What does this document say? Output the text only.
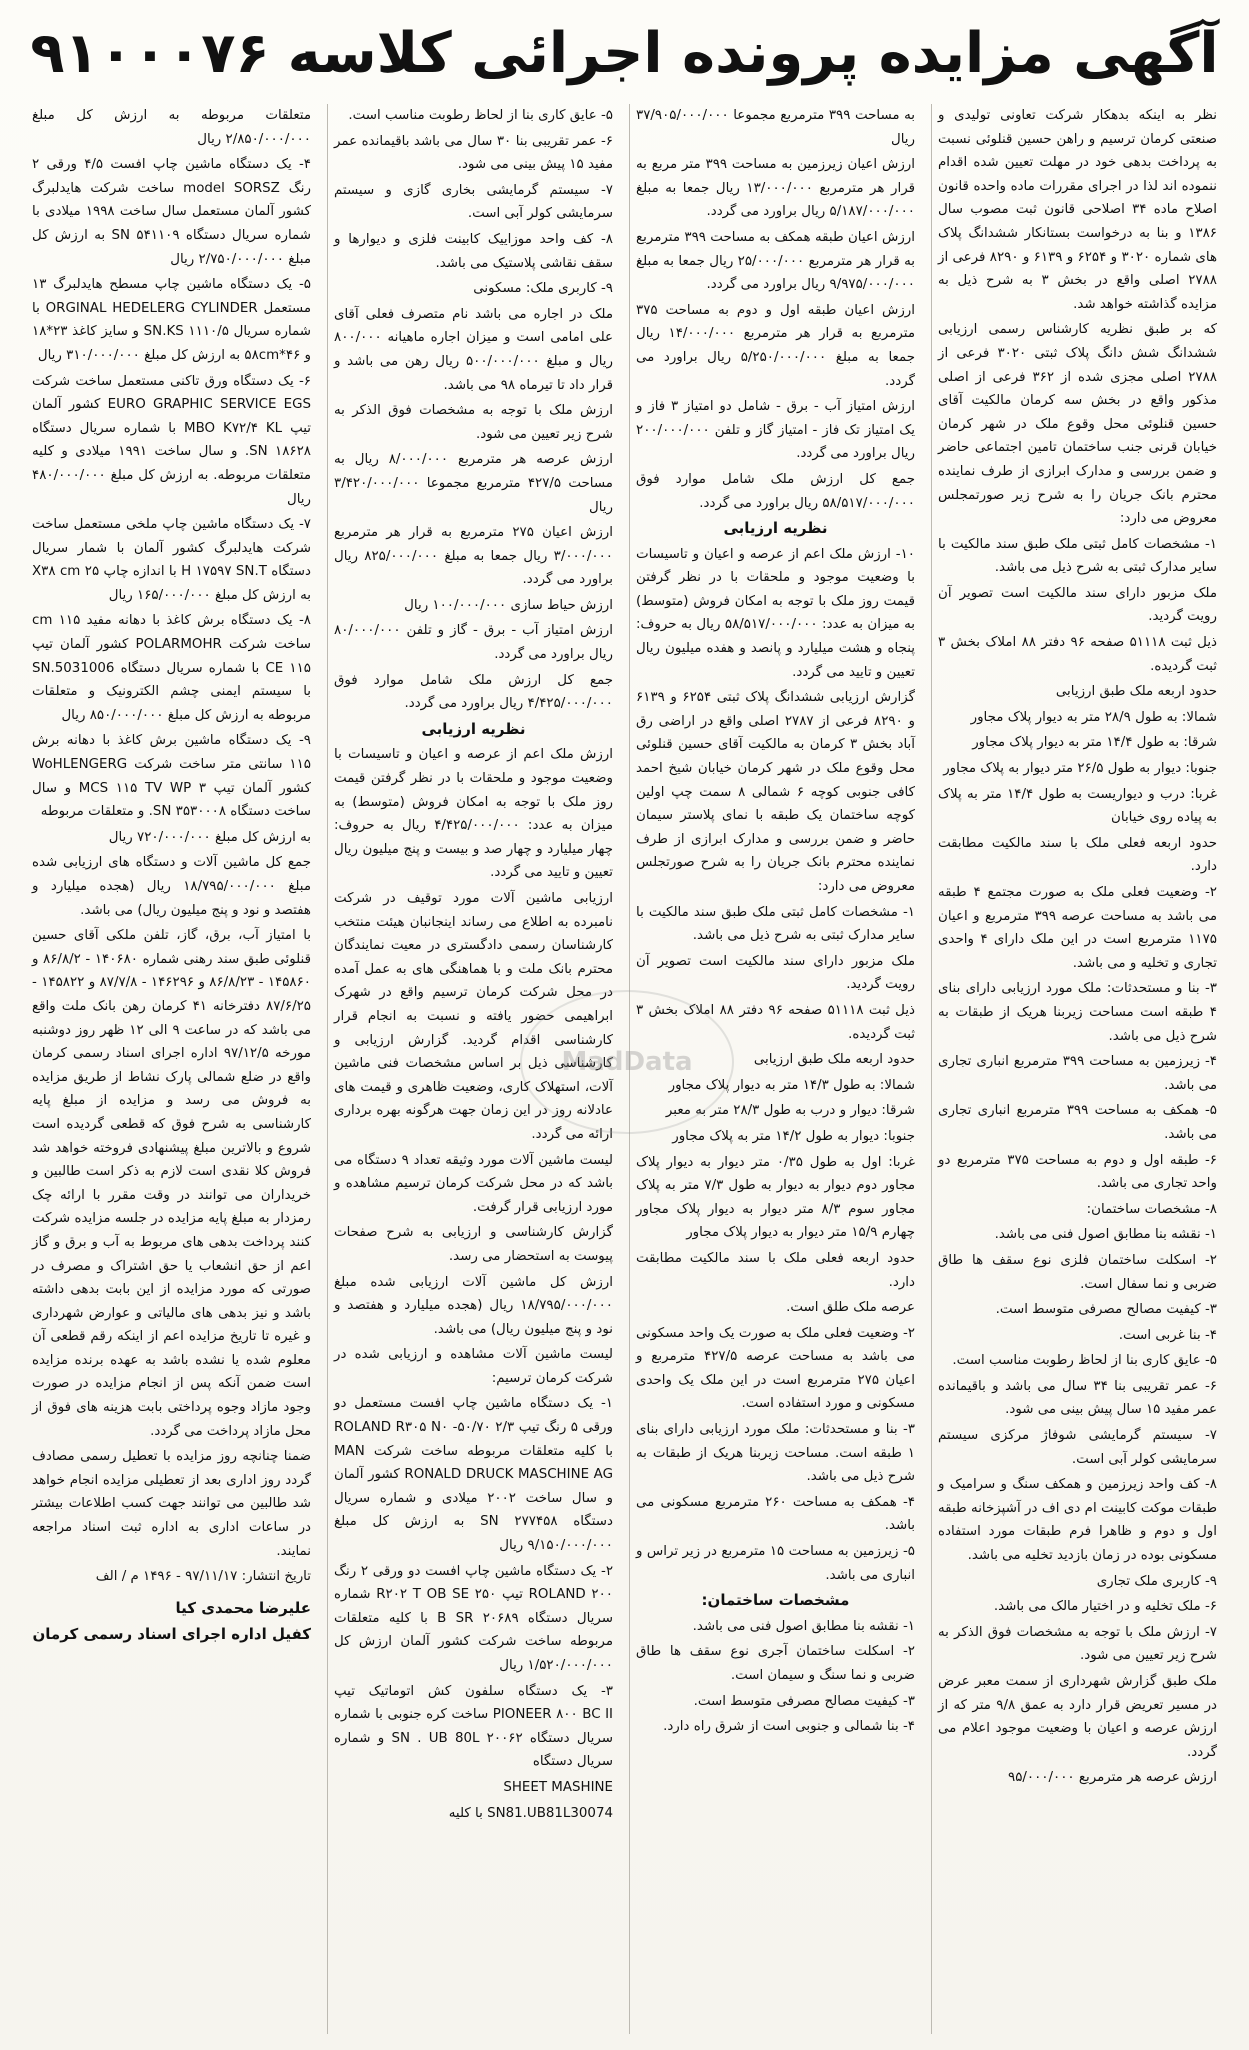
آگهی مزایده پرونده اجرائی کلاسه۹۱۰۰۰۷۶

نظر به اینکه بدهکار شرکت تعاونی تولیدی و صنعتی کرمان ترسیم و راهن حسین قنلوئی نسبت به پرداخت بدهی خود در مهلت تعیین شده اقدام ننموده اند لذا در اجرای مقررات ماده واحده قانون اصلاح ماده ۳۴ اصلاحی قانون ثبت مصوب سال ۱۳۸۶ و بنا به درخواست بستانکار ششدانگ پلاک های شماره ۳۰۲۰ و ۶۲۵۴ و ۶۱۳۹ و ۸۲۹۰ فرعی از ۲۷۸۸ اصلی واقع در بخش ۳ به شرح ذیل به مزایده گذاشته خواهد شد.

که بر طبق نظریه کارشناس رسمی ارزیابی ششدانگ شش دانگ پلاک ثبتی ۳۰۲۰ فرعی از ۲۷۸۸ اصلی مجزی شده از ۳۶۲ فرعی از اصلی مذکور واقع در بخش سه کرمان مالکیت آقای حسین قنلوئی محل وقوع ملک در شهر کرمان خیابان قرنی جنب ساختمان تامین اجتماعی حاضر و ضمن بررسی و مدارک ابرازی از طرف نماینده محترم بانک جریان را به شرح زیر صورتمجلس معروض می دارد:

۱- مشخصات کامل ثبتی ملک طبق سند مالکیت با سایر مدارک ثبتی به شرح ذیل می باشد.

ملک مزبور دارای سند مالکیت است تصویر آن رویت گردید.

ذیل ثبت ۵۱۱۱۸ صفحه ۹۶ دفتر ۸۸ املاک بخش ۳ ثبت گردیده.

حدود اربعه ملک طبق ارزیابی

شمالا: به طول ۲۸/۹ متر به دیوار پلاک مجاور

شرقا: به طول ۱۴/۴ متر به دیوار پلاک مجاور

جنوبا: دیوار به طول ۲۶/۵ متر دیوار به پلاک مجاور

غربا: درب و دیواریست به طول ۱۴/۴ متر به پلاک به پیاده روی خیابان

حدود اربعه فعلی ملک با سند مالکیت مطابقت دارد.

۲- وضعیت فعلی ملک به صورت مجتمع ۴ طبقه می باشد به مساحت عرصه ۳۹۹ مترمربع و اعیان ۱۱۷۵ مترمربع است در این ملک دارای ۴ واحدی تجاری و تخلیه و می باشد.

۳- بنا و مستحدثات: ملک مورد ارزیابی دارای بنای ۴ طبقه است مساحت زیربنا هریک از طبقات به شرح ذیل می باشد.

۴- زیرزمین به مساحت ۳۹۹ مترمربع انباری تجاری می باشد.

۵- همکف به مساحت ۳۹۹ مترمربع انباری تجاری می باشد.

۶- طبقه اول و دوم به مساحت ۳۷۵ مترمربع دو واحد تجاری می باشد.

۸- مشخصات ساختمان:

۱- نقشه بنا مطابق اصول فنی می باشد.

۲- اسکلت ساختمان فلزی نوع سقف ها طاق ضربی و نما سفال است.

۳- کیفیت مصالح مصرفی متوسط است.

۴- بنا غربی است.

۵- عایق کاری بنا از لحاظ رطوبت مناسب است.

۶- عمر تقریبی بنا ۳۴ سال می باشد و باقیمانده عمر مفید ۱۵ سال پیش بینی می شود.

۷- سیستم گرمایشی شوفاژ مرکزی سیستم سرمایشی کولر آبی است.

۸- کف واحد زیرزمین و همکف سنگ و سرامیک و طبقات موکت کابینت ام دی اف در آشپزخانه طبقه اول و دوم و ظاهرا فرم طبقات مورد استفاده مسکونی بوده در زمان بازدید تخلیه می باشد.

۹- کاربری ملک تجاری

۶- ملک تخلیه و در اختیار مالک می باشد.

۷- ارزش ملک با توجه به مشخصات فوق الذکر به شرح زیر تعیین می شود.

ملک طبق گزارش شهرداری از سمت معبر عرض در مسیر تعریض قرار دارد به عمق ۹/۸ متر که از ارزش عرصه و اعیان با وضعیت موجود اعلام می گردد.

ارزش عرصه هر مترمربع ۹۵/۰۰۰/۰۰۰

به مساحت ۳۹۹ مترمربع مجموعا ۳۷/۹۰۵/۰۰۰/۰۰۰ ریال

ارزش اعیان زیرزمین به مساحت ۳۹۹ متر مربع به قرار هر مترمربع ۱۳/۰۰۰/۰۰۰ ریال جمعا به مبلغ ۵/۱۸۷/۰۰۰/۰۰۰ ریال براورد می گردد.

ارزش اعیان طبقه همکف به مساحت ۳۹۹ مترمربع به قرار هر مترمربع ۲۵/۰۰۰/۰۰۰ ریال جمعا به مبلغ ۹/۹۷۵/۰۰۰/۰۰۰ ریال براورد می گردد.

ارزش اعیان طبقه اول و دوم به مساحت ۳۷۵ مترمربع به قرار هر مترمربع ۱۴/۰۰۰/۰۰۰ ریال جمعا به مبلغ ۵/۲۵۰/۰۰۰/۰۰۰ ریال براورد می گردد.

ارزش امتیاز آب - برق - شامل دو امتیاز ۳ فاز و یک امتیاز تک فاز - امتیاز گاز و تلفن ۲۰۰/۰۰۰/۰۰۰ ریال براورد می گردد.

جمع کل ارزش ملک شامل موارد فوق ۵۸/۵۱۷/۰۰۰/۰۰۰ ریال براورد می گردد.

نظریه ارزیابی

۱۰- ارزش ملک اعم از عرصه و اعیان و تاسیسات با وضعیت موجود و ملحقات با در نظر گرفتن قیمت روز ملک با توجه به امکان فروش (متوسط) به میزان به عدد: ۵۸/۵۱۷/۰۰۰/۰۰۰ ریال به حروف: پنجاه و هشت میلیارد و پانصد و هفده میلیون ریال تعیین و تایید می گردد.

گزارش ارزیابی ششدانگ پلاک ثبتی ۶۲۵۴ و ۶۱۳۹ و ۸۲۹۰ فرعی از ۲۷۸۷ اصلی واقع در اراضی رق آباد بخش ۳ کرمان به مالکیت آقای حسین قنلوئی محل وقوع ملک در شهر کرمان خیابان شیخ احمد کافی جنوبی کوچه ۶ شمالی ۸ سمت چپ اولین کوچه ساختمان یک طبقه با نمای پلاستر سیمان حاضر و ضمن بررسی و مدارک ابرازی از طرف نماینده محترم بانک جریان را به شرح صورتجلس معروض می دارد:

۱- مشخصات کامل ثبتی ملک طبق سند مالکیت با سایر مدارک ثبتی به شرح ذیل می باشد.

ملک مزبور دارای سند مالکیت است تصویر آن رویت گردید.

ذیل ثبت ۵۱۱۱۸ صفحه ۹۶ دفتر ۸۸ املاک بخش ۳ ثبت گردیده.

حدود اربعه ملک طبق ارزیابی

شمالا: به طول ۱۴/۳ متر به دیوار پلاک مجاور

شرقا: دیوار و درب به طول ۲۸/۳ متر به معبر

جنوبا: دیوار به طول ۱۴/۲ متر به پلاک مجاور

غربا: اول به طول ۰/۳۵ متر دیوار به دیوار پلاک مجاور دوم دیوار به دیوار به طول ۷/۳ متر به پلاک مجاور سوم ۸/۳ متر دیوار به دیوار پلاک مجاور چهارم ۱۵/۹ متر دیوار به دیوار پلاک مجاور

حدود اربعه فعلی ملک با سند مالکیت مطابقت دارد.

عرصه ملک طلق است.

۲- وضعیت فعلی ملک به صورت یک واحد مسکونی می باشد به مساحت عرصه ۴۲۷/۵ مترمربع و اعیان ۲۷۵ مترمربع است در این ملک یک واحدی مسکونی و مورد استفاده است.

۳- بنا و مستحدثات: ملک مورد ارزیابی دارای بنای ۱ طبقه است. مساحت زیربنا هریک از طبقات به شرح ذیل می باشد.

۴- همکف به مساحت ۲۶۰ مترمربع مسکونی می باشد.

۵- زیرزمین به مساحت ۱۵ مترمربع در زیر تراس و انباری می باشد.

مشخصات ساختمان:

۱- نقشه بنا مطابق اصول فنی می باشد.

۲- اسکلت ساختمان آجری نوع سقف ها طاق ضربی و نما سنگ و سیمان است.

۳- کیفیت مصالح مصرفی متوسط است.

۴- بنا شمالی و جنوبی است از شرق راه دارد.

۵- عایق کاری بنا از لحاظ رطوبت مناسب است.

۶- عمر تقریبی بنا ۳۰ سال می باشد باقیمانده عمر مفید ۱۵ پیش بینی می شود.

۷- سیستم گرمایشی بخاری گازی و سیستم سرمایشی کولر آبی است.

۸- کف واحد موزاییک کابینت فلزی و دیوارها و سقف نقاشی پلاستیک می باشد.

۹- کاربری ملک: مسکونی

ملک در اجاره می باشد نام متصرف فعلی آقای علی امامی است و میزان اجاره ماهیانه ۸۰۰/۰۰۰ ریال و مبلغ ۵۰۰/۰۰۰/۰۰۰ ریال رهن می باشد و قرار داد تا تیرماه ۹۸ می باشد.

ارزش ملک با توجه به مشخصات فوق الذکر به شرح زیر تعیین می شود.

ارزش عرصه هر مترمربع ۸/۰۰۰/۰۰۰ ریال به مساحت ۴۲۷/۵ مترمربع مجموعا ۳/۴۲۰/۰۰۰/۰۰۰ ریال

ارزش اعیان ۲۷۵ مترمربع به قرار هر مترمربع ۳/۰۰۰/۰۰۰ ریال جمعا به مبلغ ۸۲۵/۰۰۰/۰۰۰ ریال براورد می گردد.

ارزش حیاط سازی ۱۰۰/۰۰۰/۰۰۰ ریال

ارزش امتیاز آب - برق - گاز و تلفن ۸۰/۰۰۰/۰۰۰ ریال براورد می گردد.

جمع کل ارزش ملک شامل موارد فوق ۴/۴۲۵/۰۰۰/۰۰۰ ریال براورد می گردد.

نظریه ارزیابی

ارزش ملک اعم از عرصه و اعیان و تاسیسات با وضعیت موجود و ملحقات با در نظر گرفتن قیمت روز ملک با توجه به امکان فروش (متوسط) به میزان به عدد: ۴/۴۲۵/۰۰۰/۰۰۰ ریال به حروف: چهار میلیارد و چهار صد و بیست و پنج میلیون ریال تعیین و تایید می گردد.

ارزیابی ماشین آلات مورد توقیف در شرکت نامبرده به اطلاع می رساند اینجانبان هیئت منتخب کارشناسان رسمی دادگستری در معیت نمایندگان محترم بانک ملت و با هماهنگی های به عمل آمده در محل شرکت کرمان ترسیم واقع در شهرک ابراهیمی حضور یافته و نسبت به انجام قرار کارشناسی اقدام گردید. گزارش ارزیابی و کارشناسی ذیل بر اساس مشخصات فنی ماشین آلات، استهلاک کاری، وضعیت ظاهری و قیمت های عادلانه روز در این زمان جهت هرگونه بهره برداری ارائه می گردد.

لیست ماشین آلات مورد وثیقه تعداد ۹ دستگاه می باشد که در محل شرکت کرمان ترسیم مشاهده و مورد ارزیابی قرار گرفت.

گزارش کارشناسی و ارزیابی به شرح صفحات پیوست به استحضار می رسد.

ارزش کل ماشین آلات ارزیابی شده مبلغ ۱۸/۷۹۵/۰۰۰/۰۰۰ ریال (هجده میلیارد و هفتصد و نود و پنج میلیون ریال) می باشد.

لیست ماشین آلات مشاهده و ارزیابی شده در شرکت کرمان ترسیم:

۱- یک دستگاه ماشین چاپ افست مستعمل دو ورقی ۵ رنگ تیپ ۲/۳ ROLAND R۳۰۵ N۰ -۵۰/۷۰ با کلیه متعلقات مربوطه ساخت شرکت MAN RONALD DRUCK MASCHINE AG کشور آلمان و سال ساخت ۲۰۰۲ میلادی و شماره سریال دستگاه ۲۷۷۴۵۸ SN به ارزش کل مبلغ ۹/۱۵۰/۰۰۰/۰۰۰ ریال

۲- یک دستگاه ماشین چاپ افست دو ورقی ۲ رنگ ۲۰۰ ROLAND تیپ R۲۰۲ T OB SE ۲۵۰ شماره سریال دستگاه ۲۰۶۸۹ B SR با کلیه متعلقات مربوطه ساخت شرکت کشور آلمان ارزش کل ۱/۵۲۰/۰۰۰/۰۰۰ ریال

۳- یک دستگاه سلفون کش اتوماتیک تیپ PIONEER ۸۰۰ BC II ساخت کره جنوبی با شماره سریال دستگاه SN . UB 80L ۲۰۰۶۲ و شماره سریال دستگاه

SHEET MASHINE

SN81.UB81L30074 با کلیه

متعلقات مربوطه به ارزش کل مبلغ ۲/۸۵۰/۰۰۰/۰۰۰ ریال

۴- یک دستگاه ماشین چاپ افست ۴/۵ ورقی ۲ رنگ model SORSZ ساخت شرکت هایدلبرگ کشور آلمان مستعمل سال ساخت ۱۹۹۸ میلادی با شماره سریال دستگاه ۵۴۱۱۰۹ SN به ارزش کل مبلغ ۲/۷۵۰/۰۰۰/۰۰۰ ریال

۵- یک دستگاه ماشین چاپ مسطح هایدلبرگ ۱۳ مستعمل ORGINAL HEDELERG CYLINDER با شماره سریال SN.KS ۱۱۱۰/۵ و سایز کاغذ ۲۳*۱۸ و ۴۶*۵۸cm به ارزش کل مبلغ ۳۱۰/۰۰۰/۰۰۰ ریال

۶- یک دستگاه ورق تاکنی مستعمل ساخت شرکت EURO GRAPHIC SERVICE EGS کشور آلمان تیپ MBO K۷۲/۴ KL با شماره سریال دستگاه ۱۸۶۲۸ SN. و سال ساخت ۱۹۹۱ میلادی و کلیه متعلقات مربوطه. به ارزش کل مبلغ ۴۸۰/۰۰۰/۰۰۰ ریال

۷- یک دستگاه ماشین چاپ ملخی مستعمل ساخت شرکت هایدلبرگ کشور آلمان با شمار سریال دستگاه H ۱۷۵۹۷ SN.T با اندازه چاپ ۲۵ X۳۸ cm به ارزش کل مبلغ ۱۶۵/۰۰۰/۰۰۰ ریال

۸- یک دستگاه برش کاغذ با دهانه مفید ۱۱۵ cm ساخت شرکت POLARMOHR کشور آلمان تیپ CE ۱۱۵ با شماره سریال دستگاه SN.5031006 با سیستم ایمنی چشم الکترونیک و متعلقات مربوطه به ارزش کل مبلغ ۸۵۰/۰۰۰/۰۰۰ ریال

۹- یک دستگاه ماشین برش کاغذ با دهانه برش ۱۱۵ سانتی متر ساخت شرکت WoHLENGERG کشور آلمان تیپ ۳ MCS ۱۱۵ TV WP و سال ساخت دستگاه ۳۵۳۰۰۰۸ SN. و متعلقات مربوطه

به ارزش کل مبلغ ۷۲۰/۰۰۰/۰۰۰ ریال

جمع کل ماشین آلات و دستگاه های ارزیابی شده مبلغ ۱۸/۷۹۵/۰۰۰/۰۰۰ ریال (هجده میلیارد و هفتصد و نود و پنج میلیون ریال) می باشد.

با امتیاز آب، برق، گاز، تلفن ملکی آقای حسین قنلوئی طبق سند رهنی شماره ۱۴۰۶۸۰ - ۸۶/۸/۲ و ۱۴۵۸۶۰ - ۸۶/۸/۲۳ و ۱۴۶۲۹۶ - ۸۷/۷/۸ و ۱۴۵۸۲۲ - ۸۷/۶/۲۵ دفترخانه ۴۱ کرمان رهن بانک ملت واقع می باشد که در ساعت ۹ الی ۱۲ ظهر روز دوشنبه مورخه ۹۷/۱۲/۵ اداره اجرای اسناد رسمی کرمان واقع در ضلع شمالی پارک نشاط از طریق مزایده به فروش می رسد و مزایده از مبلغ پایه کارشناسی به شرح فوق که قطعی گردیده است شروع و بالاترین مبلغ پیشنهادی فروخته خواهد شد فروش کلا نقدی است لازم به ذکر است طالبین و خریداران می توانند در وقت مقرر با ارائه چک رمزدار به مبلغ پایه مزایده در جلسه مزایده شرکت کنند پرداخت بدهی های مربوط به آب و برق و گاز اعم از حق انشعاب یا حق اشتراک و مصرف در صورتی که مورد مزایده از این بابت بدهی داشته باشد و نیز بدهی های مالیاتی و عوارض شهرداری و غیره تا تاریخ مزایده اعم از اینکه رقم قطعی آن معلوم شده یا نشده باشد به عهده برنده مزایده است ضمن آنکه پس از انجام مزایده در صورت وجود مازاد وجوه پرداختی بابت هزینه های فوق از محل مازاد پرداخت می گردد.

ضمنا چنانچه روز مزایده با تعطیل رسمی مصادف گردد روز اداری بعد از تعطیلی مزایده انجام خواهد شد طالبین می توانند جهت کسب اطلاعات بیشتر در ساعات اداری به اداره ثبت اسناد مراجعه نمایند.

تاریخ انتشار: ۹۷/۱۱/۱۷ - ۱۴۹۶ م / الف

علیرضا محمدی کیا
کفیل اداره اجرای اسناد رسمی کرمان
MadData
